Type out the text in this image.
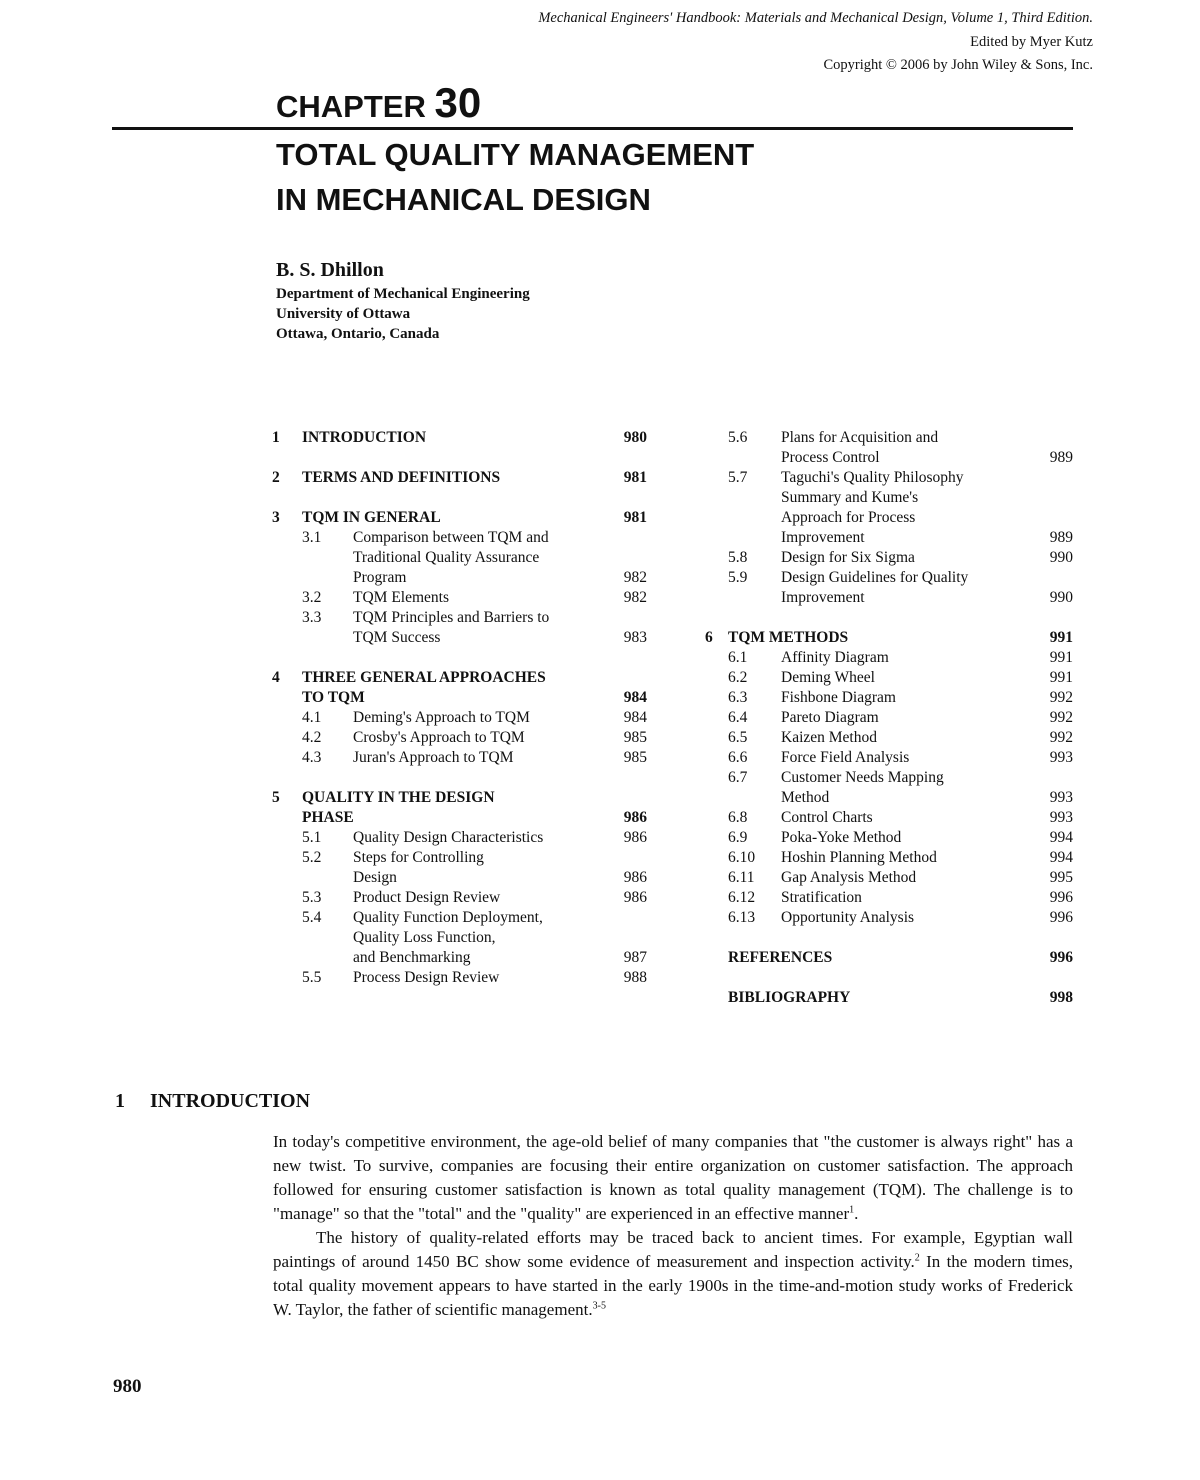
Mechanical Engineers' Handbook: Materials and Mechanical Design, Volume 1, Third Edition.
Edited by Myer Kutz
Copyright © 2006 by John Wiley & Sons, Inc.
CHAPTER 30
TOTAL QUALITY MANAGEMENT
IN MECHANICAL DESIGN
B. S. Dhillon
Department of Mechanical Engineering
University of Ottawa
Ottawa, Ontario, Canada
1 INTRODUCTION	980
2 TERMS AND DEFINITIONS	981
3 TQM IN GENERAL	981
3.1 Comparison between TQM and
Traditional Quality Assurance
Program	982
3.2 TQM Elements	982
3.3 TQM Principles and Barriers to
TQM Success	983
4 THREE GENERAL APPROACHES
TO TQM	984
4.1 Deming's Approach to TQM	984
4.2 Crosby's Approach to TQM	985
4.3 Juran's Approach to TQM	985
5 QUALITY IN THE DESIGN
PHASE	986
5.1 Quality Design Characteristics	986
5.2 Steps for Controlling
Design	986
5.3 Product Design Review	986
5.4 Quality Function Deployment,
Quality Loss Function,
and Benchmarking	987
5.5 Process Design Review	988
5.6 Plans for Acquisition and
Process Control	989
5.7 Taguchi's Quality Philosophy
Summary and Kume's
Approach for Process
Improvement	989
5.8 Design for Six Sigma	990
5.9 Design Guidelines for Quality
Improvement	990
6 TQM METHODS	991
6.1 Affinity Diagram	991
6.2 Deming Wheel	991
6.3 Fishbone Diagram	992
6.4 Pareto Diagram	992
6.5 Kaizen Method	992
6.6 Force Field Analysis	993
6.7 Customer Needs Mapping
Method	993
6.8 Control Charts	993
6.9 Poka-Yoke Method	994
6.10 Hoshin Planning Method	994
6.11 Gap Analysis Method	995
6.12 Stratification	996
6.13 Opportunity Analysis	996
REFERENCES	996
BIBLIOGRAPHY	998
1 INTRODUCTION

In today's competitive environment, the age-old belief of many companies that "the customer is always right" has a new twist. To survive, companies are focusing their entire organization on customer satisfaction. The approach followed for ensuring customer satisfaction is known as total quality management (TQM). The challenge is to "manage" so that the "total" and the "quality" are experienced in an effective manner$^1$.

The history of quality-related efforts may be traced back to ancient times. For example, Egyptian wall paintings of around 1450 BC show some evidence of measurement and inspection activity.$^2$ In the modern times, total quality movement appears to have started in the early 1900s in the time-and-motion study works of Frederick W. Taylor, the father of scientific management.$^{3-5}$

980
